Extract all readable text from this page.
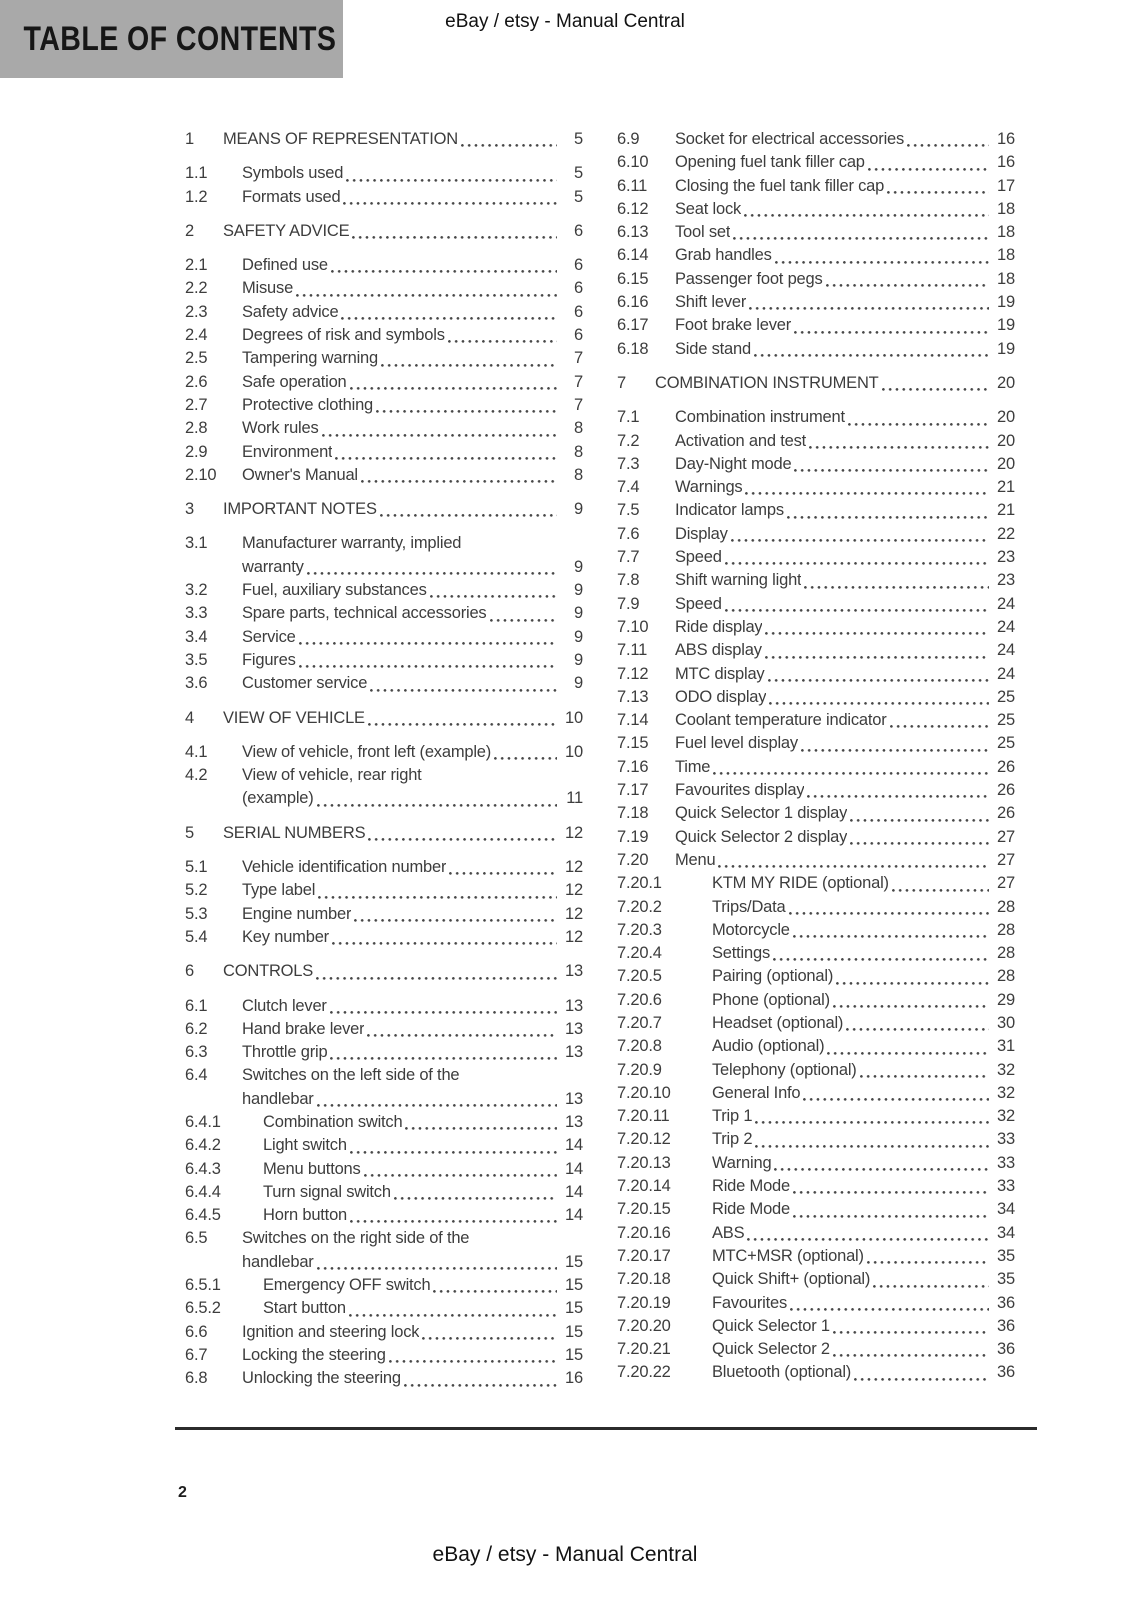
TABLE OF CONTENTS	eBay / etsy - Manual Central
1	MEANS OF REPRESENTATION	5
1.1	Symbols used	5
1.2	Formats used	5
2	SAFETY ADVICE	6
2.1	Defined use	6
2.2	Misuse	6
2.3	Safety advice	6
2.4	Degrees of risk and symbols	6
2.5	Tampering warning	7
2.6	Safe operation	7
2.7	Protective clothing	7
2.8	Work rules	8
2.9	Environment	8
2.10	Owner's Manual	8
3	IMPORTANT NOTES	9
3.1	Manufacturer warranty, implied
warranty	9
3.2	Fuel, auxiliary substances	9
3.3	Spare parts, technical accessories	9
3.4	Service	9
3.5	Figures	9
3.6	Customer service	9
4	VIEW OF VEHICLE	10
4.1	View of vehicle, front left (example)	10
4.2	View of vehicle, rear right
(example)	11
5	SERIAL NUMBERS	12
5.1	Vehicle identification number	12
5.2	Type label	12
5.3	Engine number	12
5.4	Key number	12
6	CONTROLS	13
6.1	Clutch lever	13
6.2	Hand brake lever	13
6.3	Throttle grip	13
6.4	Switches on the left side of the
handlebar	13
6.4.1	Combination switch	13
6.4.2	Light switch	14
6.4.3	Menu buttons	14
6.4.4	Turn signal switch	14
6.4.5	Horn button	14
6.5	Switches on the right side of the
handlebar	15
6.5.1	Emergency OFF switch	15
6.5.2	Start button	15
6.6	Ignition and steering lock	15
6.7	Locking the steering	15
6.8	Unlocking the steering	16
6.9	Socket for electrical accessories	16
6.10	Opening fuel tank filler cap	16
6.11	Closing the fuel tank filler cap	17
6.12	Seat lock	18
6.13	Tool set	18
6.14	Grab handles	18
6.15	Passenger foot pegs	18
6.16	Shift lever	19
6.17	Foot brake lever	19
6.18	Side stand	19
7	COMBINATION INSTRUMENT	20
7.1	Combination instrument	20
7.2	Activation and test	20
7.3	Day-Night mode	20
7.4	Warnings	21
7.5	Indicator lamps	21
7.6	Display	22
7.7	Speed	23
7.8	Shift warning light	23
7.9	Speed	24
7.10	Ride display	24
7.11	ABS display	24
7.12	MTC display	24
7.13	ODO display	25
7.14	Coolant temperature indicator	25
7.15	Fuel level display	25
7.16	Time	26
7.17	Favourites display	26
7.18	Quick Selector 1 display	26
7.19	Quick Selector 2 display	27
7.20	Menu	27
7.20.1	KTM MY RIDE (optional)	27
7.20.2	Trips/Data	28
7.20.3	Motorcycle	28
7.20.4	Settings	28
7.20.5	Pairing (optional)	28
7.20.6	Phone (optional)	29
7.20.7	Headset (optional)	30
7.20.8	Audio (optional)	31
7.20.9	Telephony (optional)	32
7.20.10	General Info	32
7.20.11	Trip 1	32
7.20.12	Trip 2	33
7.20.13	Warning	33
7.20.14	Ride Mode	33
7.20.15	Ride Mode	34
7.20.16	ABS	34
7.20.17	MTC+MSR (optional)	35
7.20.18	Quick Shift+ (optional)	35
7.20.19	Favourites	36
7.20.20	Quick Selector 1	36
7.20.21	Quick Selector 2	36
7.20.22	Bluetooth (optional)	36
2
eBay / etsy - Manual Central
